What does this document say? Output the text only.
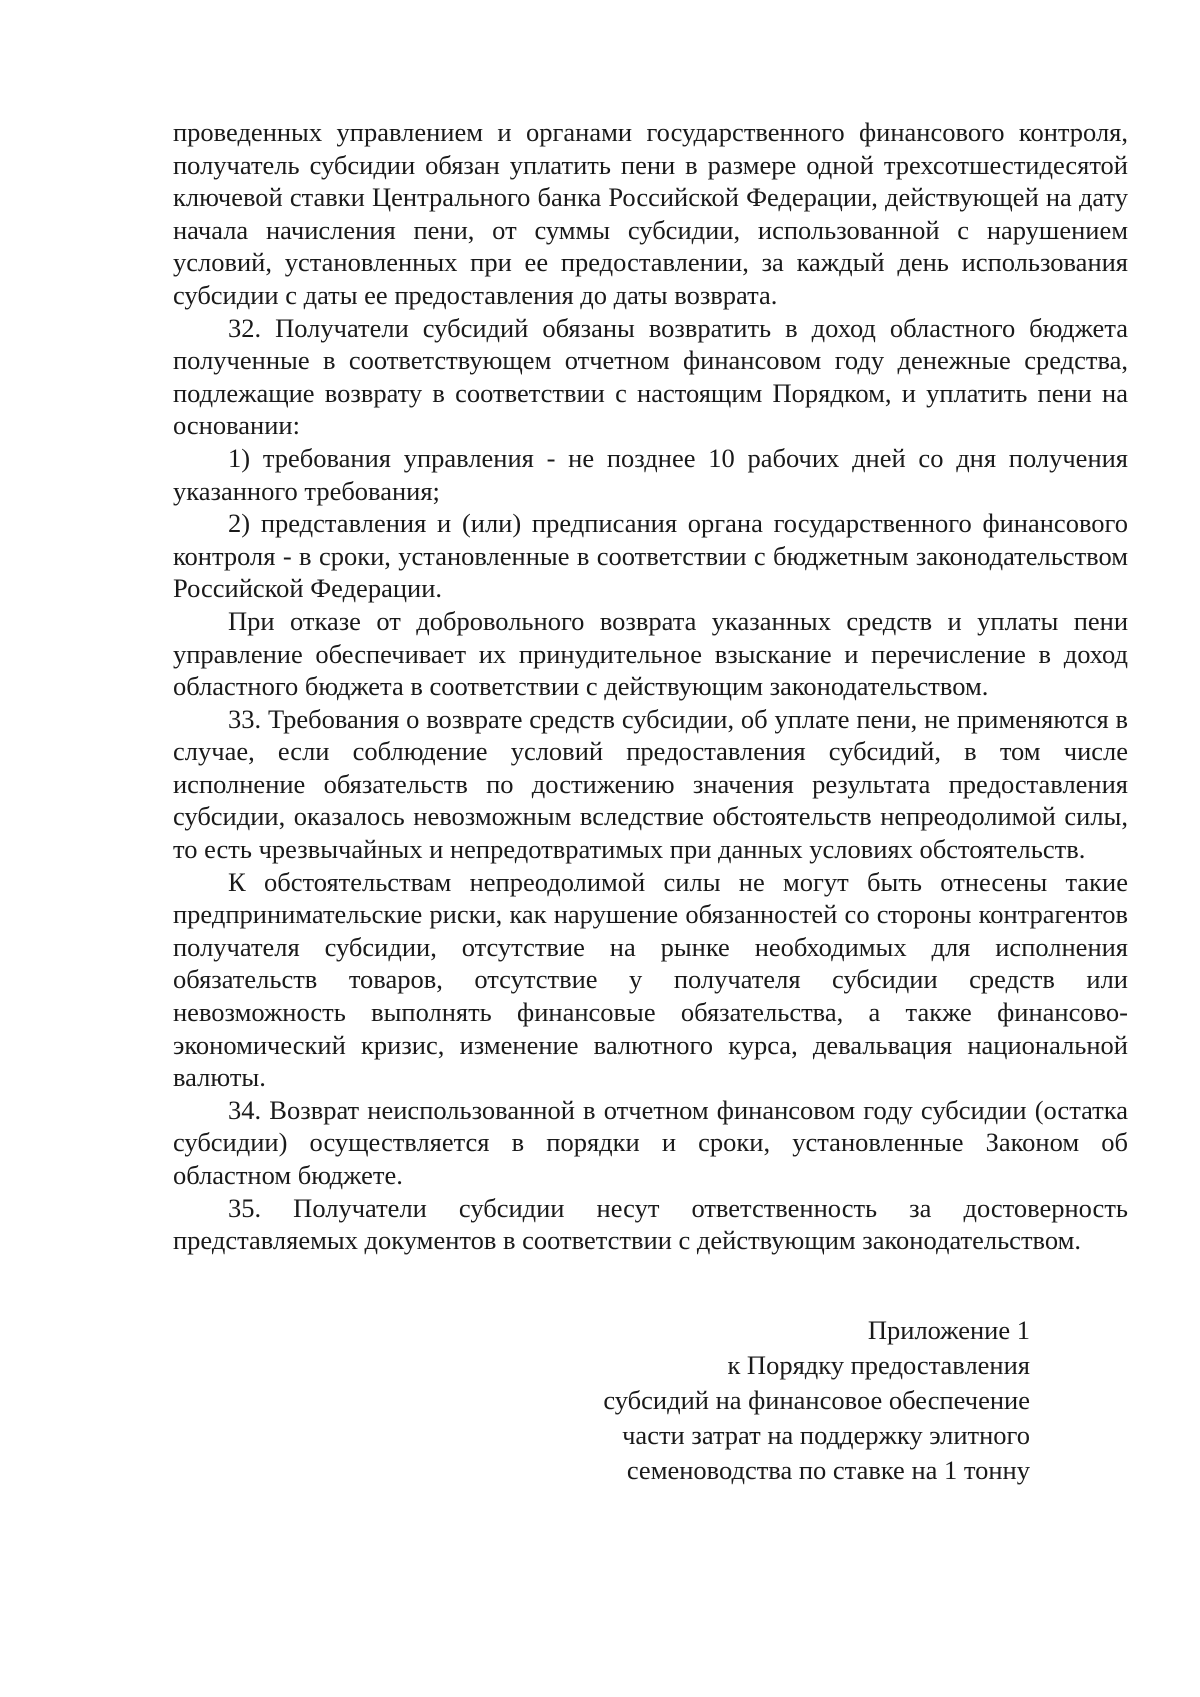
проведенных управлением и органами государственного финансового контроля, получатель субсидии обязан уплатить пени в размере одной трехсотшестидесятой ключевой ставки Центрального банка Российской Федерации, действующей на дату начала начисления пени, от суммы субсидии, использованной с нарушением условий, установленных при ее предоставлении, за каждый день использования субсидии с даты ее предоставления до даты возврата.

32. Получатели субсидий обязаны возвратить в доход областного бюджета полученные в соответствующем отчетном финансовом году денежные средства, подлежащие возврату в соответствии с настоящим Порядком, и уплатить пени на основании:

1) требования управления - не позднее 10 рабочих дней со дня получения указанного требования;

2) представления и (или) предписания органа государственного финансового контроля - в сроки, установленные в соответствии с бюджетным законодательством Российской Федерации.

При отказе от добровольного возврата указанных средств и уплаты пени управление обеспечивает их принудительное взыскание и перечисление в доход областного бюджета в соответствии с действующим законодательством.

33. Требования о возврате средств субсидии, об уплате пени, не применяются в случае, если соблюдение условий предоставления субсидий, в том числе исполнение обязательств по достижению значения результата предоставления субсидии, оказалось невозможным вследствие обстоятельств непреодолимой силы, то есть чрезвычайных и непредотвратимых при данных условиях обстоятельств.

К обстоятельствам непреодолимой силы не могут быть отнесены такие предпринимательские риски, как нарушение обязанностей со стороны контрагентов получателя субсидии, отсутствие на рынке необходимых для исполнения обязательств товаров, отсутствие у получателя субсидии средств или невозможность выполнять финансовые обязательства, а также финансово-экономический кризис, изменение валютного курса, девальвация национальной валюты.

34. Возврат неиспользованной в отчетном финансовом году субсидии (остатка субсидии) осуществляется в порядки и сроки, установленные Законом об областном бюджете.

35. Получатели субсидии несут ответственность за достоверность представляемых документов в соответствии с действующим законодательством.

Приложение 1
к Порядку предоставления
субсидий на финансовое обеспечение
части затрат на поддержку элитного
семеноводства по ставке на 1 тонну
